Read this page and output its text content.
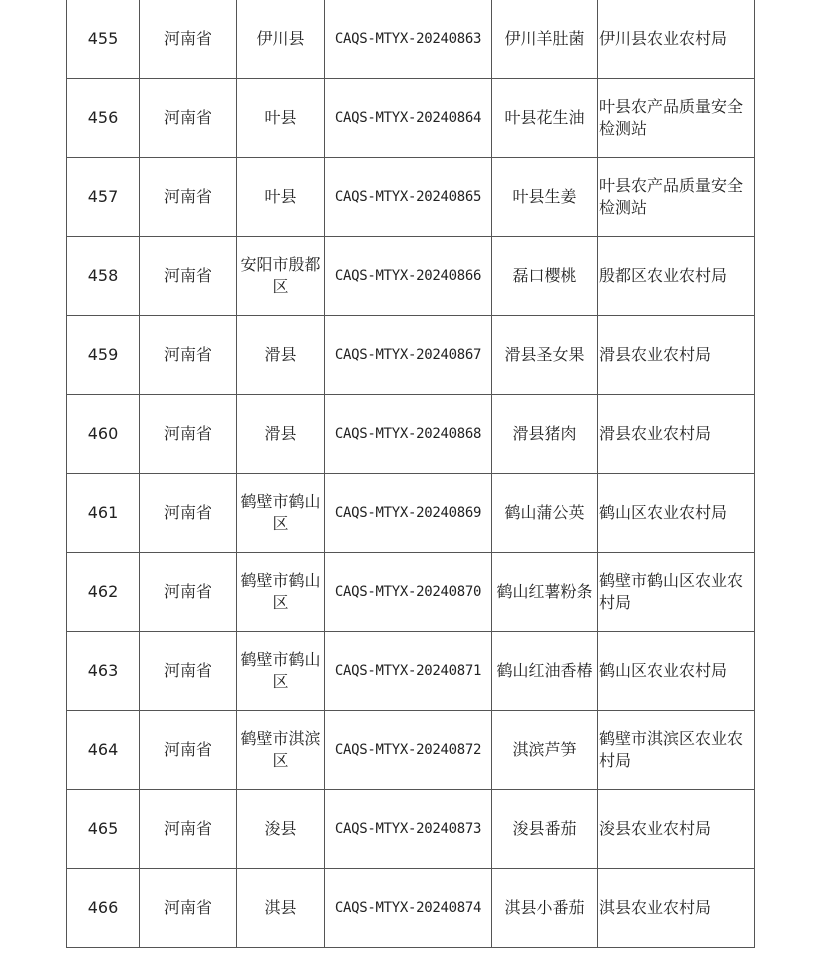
455	河南省	伊川县	CAQS-MTYX-20240863	伊川羊肚菌	伊川县农业农村局
456	河南省	叶县	CAQS-MTYX-20240864	叶县花生油	叶县农产品质量安全检测站
457	河南省	叶县	CAQS-MTYX-20240865	叶县生姜	叶县农产品质量安全检测站
458	河南省	安阳市殷都区	CAQS-MTYX-20240866	磊口樱桃	殷都区农业农村局
459	河南省	滑县	CAQS-MTYX-20240867	滑县圣女果	滑县农业农村局
460	河南省	滑县	CAQS-MTYX-20240868	滑县猪肉	滑县农业农村局
461	河南省	鹤壁市鹤山区	CAQS-MTYX-20240869	鹤山蒲公英	鹤山区农业农村局
462	河南省	鹤壁市鹤山区	CAQS-MTYX-20240870	鹤山红薯粉条	鹤壁市鹤山区农业农村局
463	河南省	鹤壁市鹤山区	CAQS-MTYX-20240871	鹤山红油香椿	鹤山区农业农村局
464	河南省	鹤壁市淇滨区	CAQS-MTYX-20240872	淇滨芦笋	鹤壁市淇滨区农业农村局
465	河南省	浚县	CAQS-MTYX-20240873	浚县番茄	浚县农业农村局
466	河南省	淇县	CAQS-MTYX-20240874	淇县小番茄	淇县农业农村局
